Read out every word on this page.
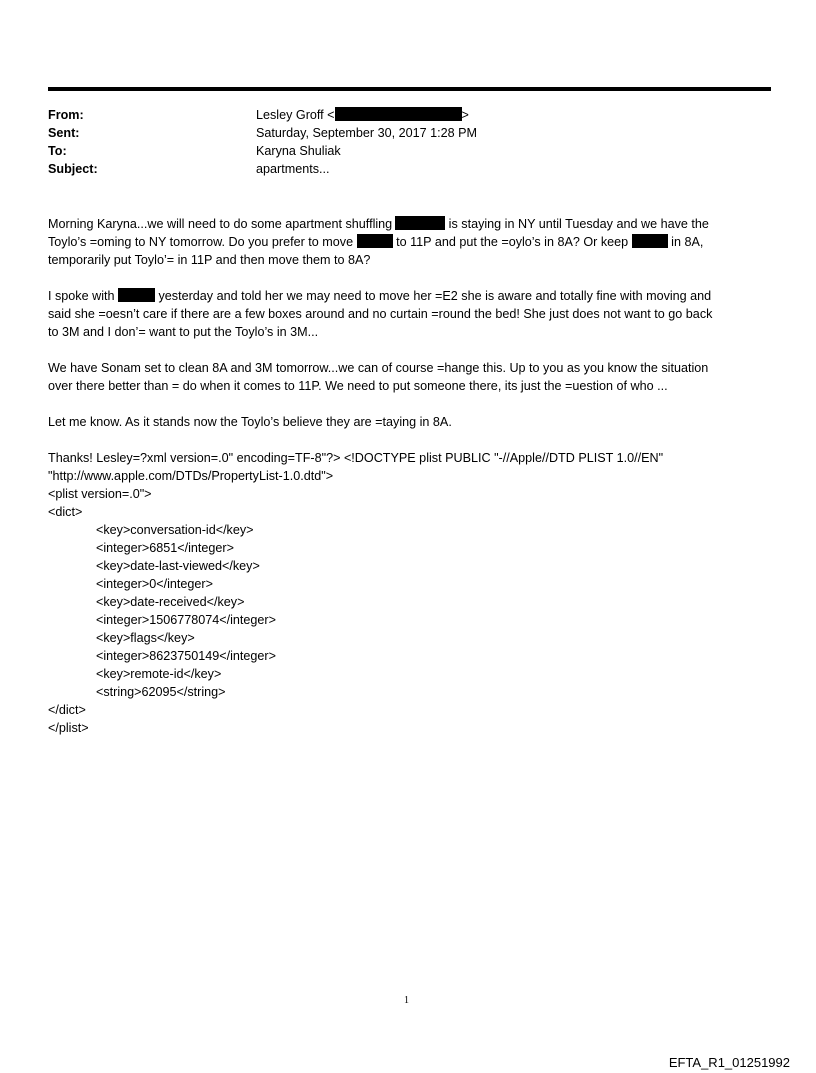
From:	Lesley Groff <	>
Sent:	Saturday, September 30, 2017 1:28 PM
To:	Karyna Shuliak
Subject:	apartments...
Morning Karyna...we will need to do some apartment shuffling	is staying in NY until Tuesday and we have the
Toylo’s =oming to NY tomorrow. Do you prefer to move	to 11P and put the =oylo’s in 8A? Or keep	in 8A,
temporarily put Toylo’= in 11P and then move them to 8A?
I spoke with	yesterday and told her we may need to move her =E2 she is aware and totally fine with moving and
said she =oesn’t care if there are a few boxes around and no curtain =round the bed! She just does not want to go back
to 3M and I don’= want to put the Toylo’s in 3M...
We have Sonam set to clean 8A and 3M tomorrow...we can of course =hange this. Up to you as you know the situation
over there better than = do when it comes to 11P. We need to put someone there, its just the =uestion of who ...
Let me know. As it stands now the Toylo’s believe they are =taying in 8A.
Thanks! Lesley=?xml version=.0" encoding=TF-8"?> <!DOCTYPE plist PUBLIC "-//Apple//DTD PLIST 1.0//EN"
"http://www.apple.com/DTDs/PropertyList-1.0.dtd">
<plist version=.0">
<dict>
<key>conversation-id</key>
<integer>6851</integer>
<key>date-last-viewed</key>
<integer>0</integer>
<key>date-received</key>
<integer>1506778074</integer>
<key>flags</key>
<integer>8623750149</integer>
<key>remote-id</key>
<string>62095</string>
</dict>
</plist>
1
EFTA_R1_01251992
